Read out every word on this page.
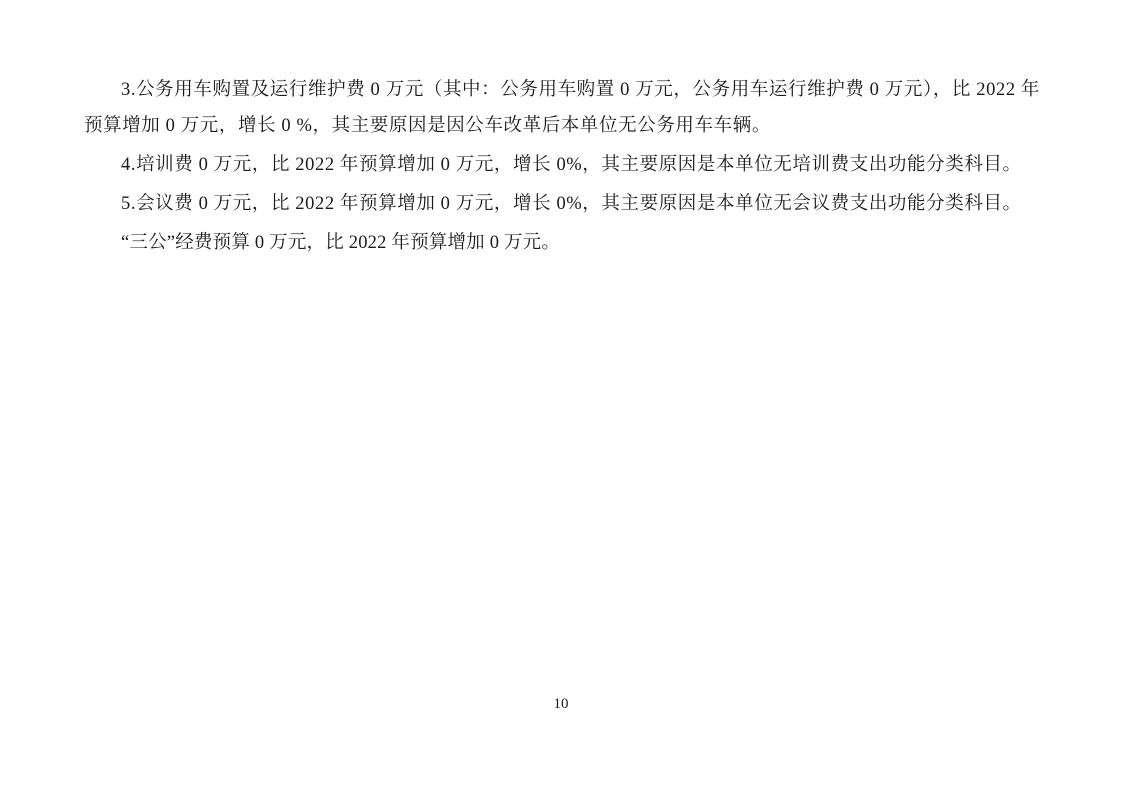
3.公务用车购置及运行维护费 0 万元（其中：公务用车购置 0 万元，公务用车运行维护费 0 万元），比 2022 年预算增加 0 万元，增长 0 %，其主要原因是因公车改革后本单位无公务用车车辆。

4.培训费 0 万元，比 2022 年预算增加 0 万元，增长 0%，其主要原因是本单位无培训费支出功能分类科目。

5.会议费 0 万元，比 2022 年预算增加 0 万元，增长 0%，其主要原因是本单位无会议费支出功能分类科目。

“三公”经费预算 0 万元，比 2022 年预算增加 0 万元。

10
